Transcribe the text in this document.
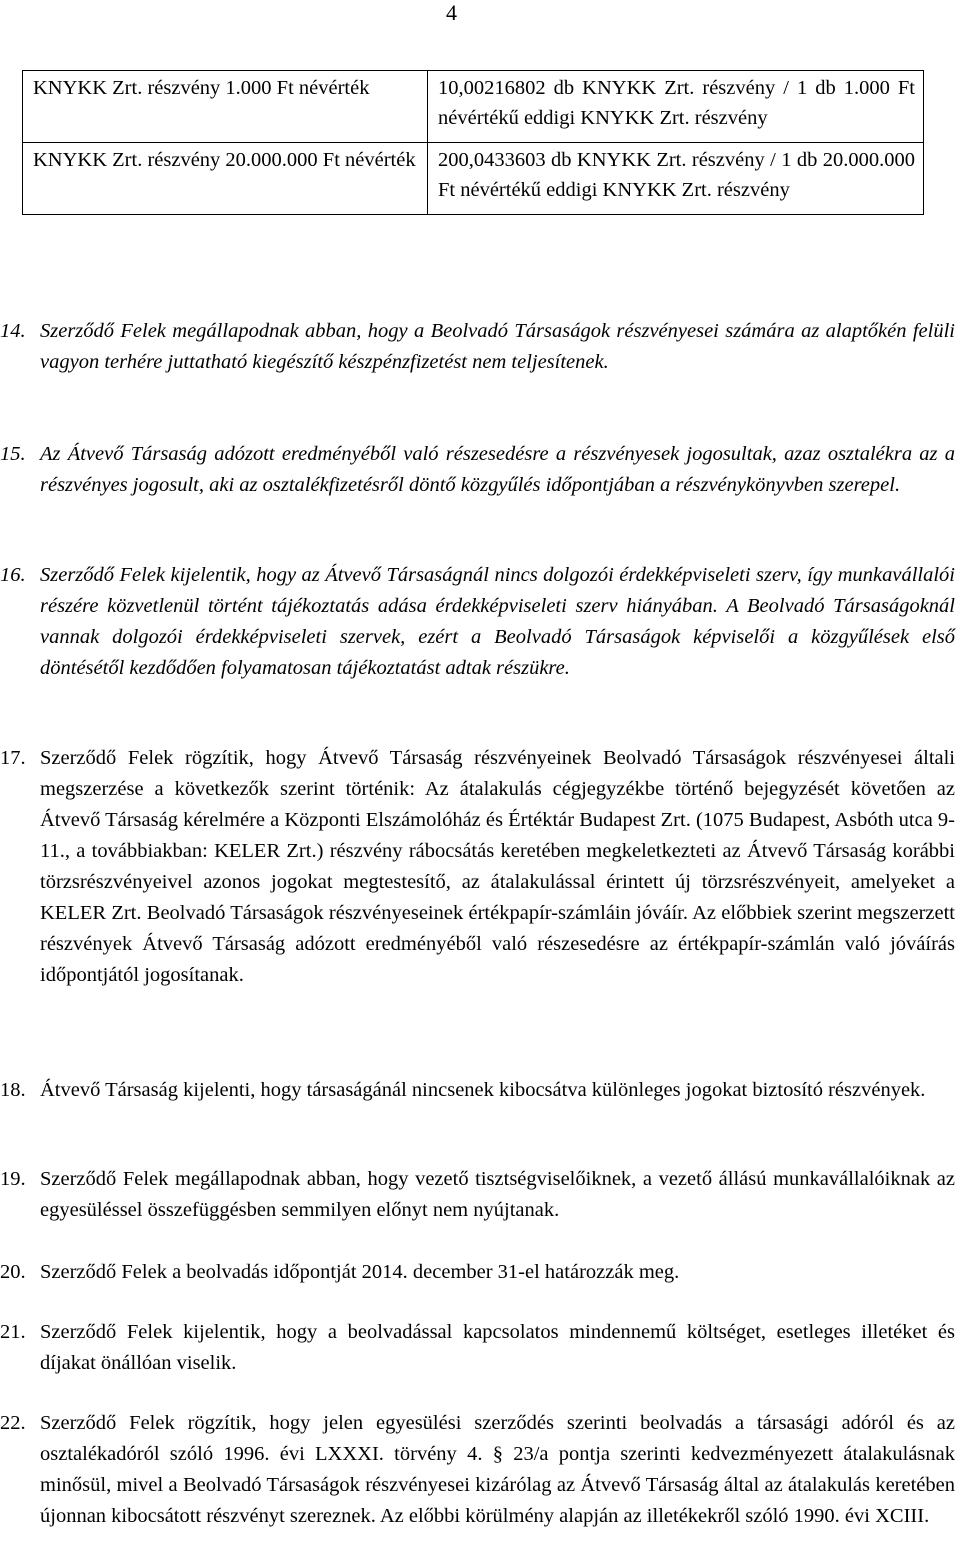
4
KNYKK Zrt. részvény 1.000 Ft névérték	10,00216802 db KNYKK Zrt. részvény / 1 db 1.000 Ft névértékű eddigi KNYKK Zrt. részvény
KNYKK Zrt. részvény 20.000.000 Ft névérték	200,0433603 db KNYKK Zrt. részvény / 1 db 20.000.000 Ft névértékű eddigi KNYKK Zrt. részvény
14. Szerződő Felek megállapodnak abban, hogy a Beolvadó Társaságok részvényesei számára az alaptőkén felüli vagyon terhére juttatható kiegészítő készpénzfizetést nem teljesítenek.
15. Az Átvevő Társaság adózott eredményéből való részesedésre a részvényesek jogosultak, azaz osztalékra az a részvényes jogosult, aki az osztalékfizetésről döntő közgyűlés időpontjában a részvénykönyvben szerepel.
16. Szerződő Felek kijelentik, hogy az Átvevő Társaságnál nincs dolgozói érdekképviseleti szerv, így munkavállalói részére közvetlenül történt tájékoztatás adása érdekképviseleti szerv hiányában. A Beolvadó Társaságoknál vannak dolgozói érdekképviseleti szervek, ezért a Beolvadó Társaságok képviselői a közgyűlések első döntésétől kezdődően folyamatosan tájékoztatást adtak részükre.
17. Szerződő Felek rögzítik, hogy Átvevő Társaság részvényeinek Beolvadó Társaságok részvényesei általi megszerzése a következők szerint történik: Az átalakulás cégjegyzékbe történő bejegyzését követően az Átvevő Társaság kérelmére a Központi Elszámolóház és Értéktár Budapest Zrt. (1075 Budapest, Asbóth utca 9-11., a továbbiakban: KELER Zrt.) részvény rábocsátás keretében megkeletkezteti az Átvevő Társaság korábbi törzsrészvényeivel azonos jogokat megtestesítő, az átalakulással érintett új törzsrészvényeit, amelyeket a KELER Zrt. Beolvadó Társaságok részvényeseinek értékpapír-számláin jóváír. Az előbbiek szerint megszerzett részvények Átvevő Társaság adózott eredményéből való részesedésre az értékpapír-számlán való jóváírás időpontjától jogosítanak.
18. Átvevő Társaság kijelenti, hogy társaságánál nincsenek kibocsátva különleges jogokat biztosító részvények.
19. Szerződő Felek megállapodnak abban, hogy vezető tisztségviselőiknek, a vezető állású munkavállalóiknak az egyesüléssel összefüggésben semmilyen előnyt nem nyújtanak.
20. Szerződő Felek a beolvadás időpontját 2014. december 31-el határozzák meg.
21. Szerződő Felek kijelentik, hogy a beolvadással kapcsolatos mindennemű költséget, esetleges illetéket és díjakat önállóan viselik.
22. Szerződő Felek rögzítik, hogy jelen egyesülési szerződés szerinti beolvadás a társasági adóról és az osztalékadóról szóló 1996. évi LXXXI. törvény 4. § 23/a pontja szerinti kedvezményezett átalakulásnak minősül, mivel a Beolvadó Társaságok részvényesei kizárólag az Átvevő Társaság által az átalakulás keretében újonnan kibocsátott részvényt szereznek. Az előbbi körülmény alapján az illetékekről szóló 1990. évi XCIII.
